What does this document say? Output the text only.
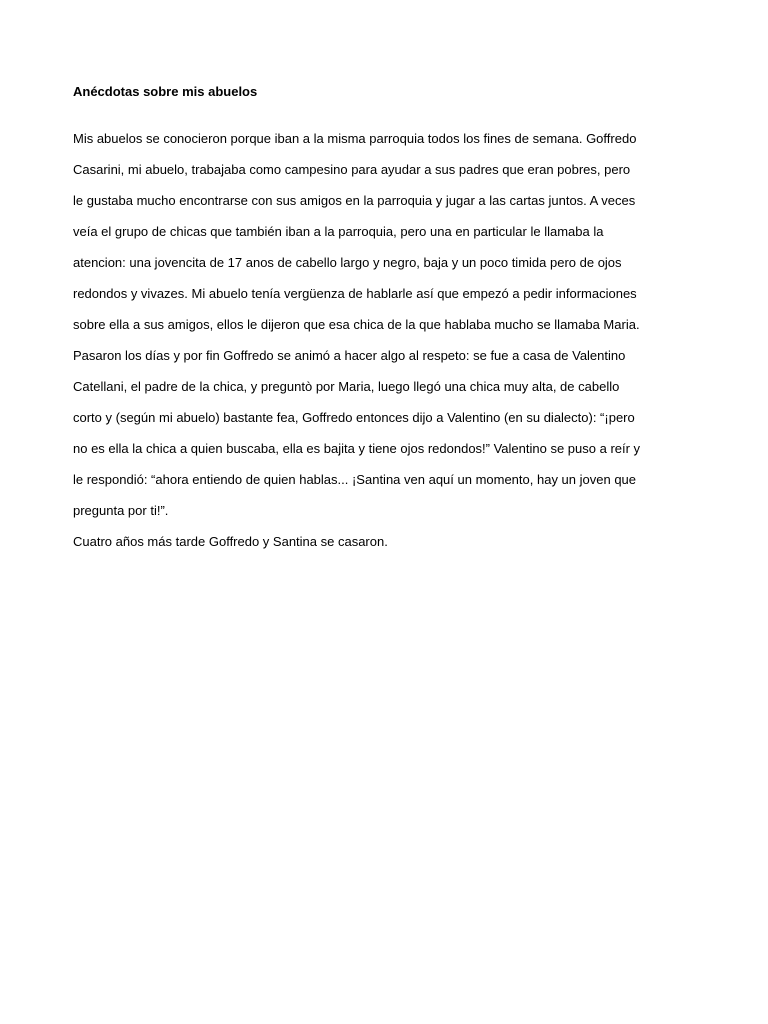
Anécdotas sobre mis abuelos

Mis abuelos se conocieron porque iban a la misma parroquia todos los fines de semana. Goffredo

Casarini, mi abuelo, trabajaba como campesino para ayudar a sus padres que eran pobres, pero

le gustaba mucho encontrarse con sus amigos en la parroquia y jugar a las cartas juntos. A veces

veía el grupo de chicas que también iban a la parroquia, pero una en particular le llamaba la

atencion: una jovencita de 17 anos de cabello largo y negro, baja y un poco timida pero de ojos

redondos y vivazes. Mi abuelo tenía vergüenza de hablarle así que empezó a pedir informaciones

sobre ella a sus amigos, ellos le dijeron que esa chica de la que hablaba mucho se llamaba Maria.

Pasaron los días y por fin Goffredo se animó a hacer algo al respeto: se fue a casa de Valentino

Catellani, el padre de la chica, y preguntò por Maria, luego llegó una chica muy alta, de cabello

corto y (según mi abuelo) bastante fea, Goffredo entonces dijo a Valentino (en su dialecto): “¡pero

no es ella la chica a quien buscaba, ella es bajita y tiene ojos redondos!” Valentino se puso a reír y

le respondió: “ahora entiendo de quien hablas... ¡Santina ven aquí un momento, hay un joven que

pregunta por ti!”.

Cuatro años más tarde Goffredo y Santina se casaron.
